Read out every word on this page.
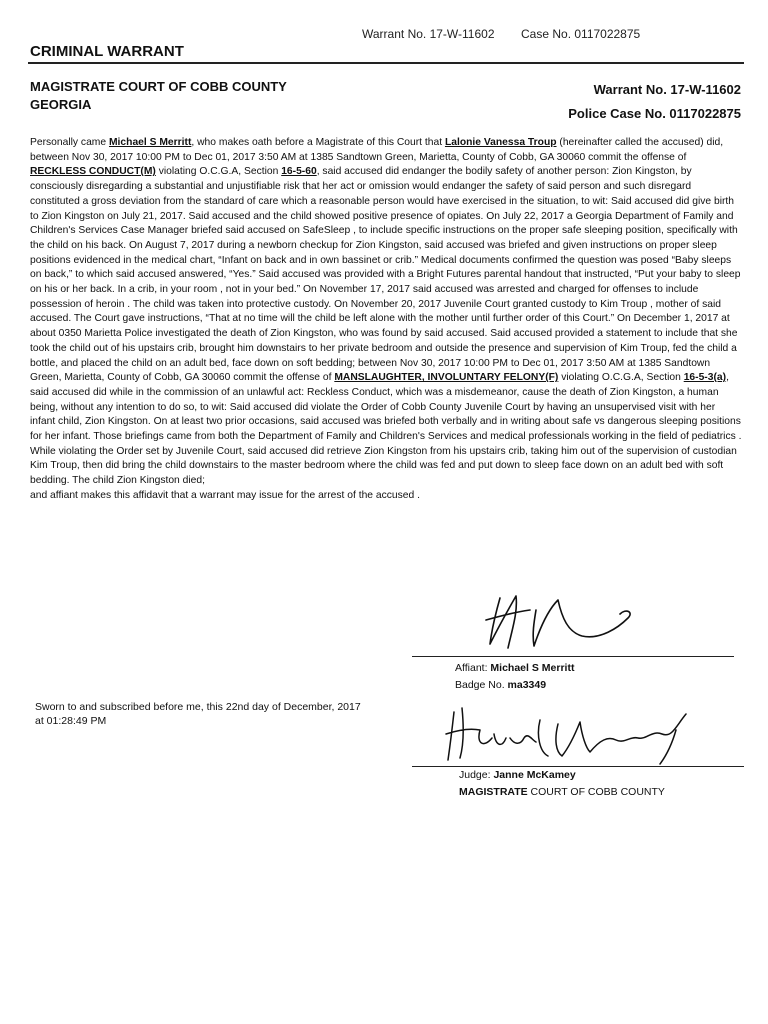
Warrant No. 17-W-11602 Case No. 0117022875
CRIMINAL WARRANT
MAGISTRATE COURT OF COBB COUNTY
GEORGIA
Warrant No. 17-W-11602
Police Case No. 0117022875
Personally came Michael S Merritt, who makes oath before a Magistrate of this Court that Lalonie Vanessa Troup (hereinafter called the accused) did, between Nov 30, 2017 10:00 PM to Dec 01, 2017 3:50 AM at 1385 Sandtown Green, Marietta, County of Cobb, GA 30060 commit the offense of RECKLESS CONDUCT(M) violating O.C.G.A, Section 16-5-60, said accused did endanger the bodily safety of another person: Zion Kingston, by consciously disregarding a substantial and unjustifiable risk that her act or omission would endanger the safety of said person and such disregard constituted a gross deviation from the standard of care which a reasonable person would have exercised in the situation, to wit: Said accused did give birth to Zion Kingston on July 21, 2017. Said accused and the child showed positive presence of opiates. On July 22, 2017 a Georgia Department of Family and Children's Services Case Manager briefed said accused on SafeSleep , to include specific instructions on the proper safe sleeping position, specifically with the child on his back. On August 7, 2017 during a newborn checkup for Zion Kingston, said accused was briefed and given instructions on proper sleep positions evidenced in the medical chart, “Infant on back and in own bassinet or crib.” Medical documents confirmed the question was posed “Baby sleeps on back,” to which said accused answered, “Yes.” Said accused was provided with a Bright Futures parental handout that instructed, “Put your baby to sleep on his or her back. In a crib, in your room , not in your bed.” On November 17, 2017 said accused was arrested and charged for offenses to include possession of heroin . The child was taken into protective custody. On November 20, 2017 Juvenile Court granted custody to Kim Troup , mother of said accused. The Court gave instructions, “That at no time will the child be left alone with the mother until further order of this Court.” On December 1, 2017 at about 0350 Marietta Police investigated the death of Zion Kingston, who was found by said accused. Said accused provided a statement to include that she took the child out of his upstairs crib, brought him downstairs to her private bedroom and outside the presence and supervision of Kim Troup, fed the child a bottle, and placed the child on an adult bed, face down on soft bedding; between Nov 30, 2017 10:00 PM to Dec 01, 2017 3:50 AM at 1385 Sandtown Green, Marietta, County of Cobb, GA 30060 commit the offense of MANSLAUGHTER, INVOLUNTARY FELONY(F) violating O.C.G.A, Section 16-5-3(a), said accused did while in the commission of an unlawful act: Reckless Conduct, which was a misdemeanor, cause the death of Zion Kingston, a human being, without any intention to do so, to wit: Said accused did violate the Order of Cobb County Juvenile Court by having an unsupervised visit with her infant child, Zion Kingston. On at least two prior occasions, said accused was briefed both verbally and in writing about safe vs dangerous sleeping positions for her infant. Those briefings came from both the Department of Family and Children's Services and medical professionals working in the field of pediatrics . While violating the Order set by Juvenile Court, said accused did retrieve Zion Kingston from his upstairs crib, taking him out of the supervision of custodian Kim Troup, then did bring the child downstairs to the master bedroom where the child was fed and put down to sleep face down on an adult bed with soft bedding. The child Zion Kingston died;
and affiant makes this affidavit that a warrant may issue for the arrest of the accused .
Affiant: Michael S Merritt
Badge No. ma3349
Sworn to and subscribed before me, this 22nd day of December, 2017 at 01:28:49 PM
Judge: Janne McKamey
MAGISTRATE COURT OF COBB COUNTY
